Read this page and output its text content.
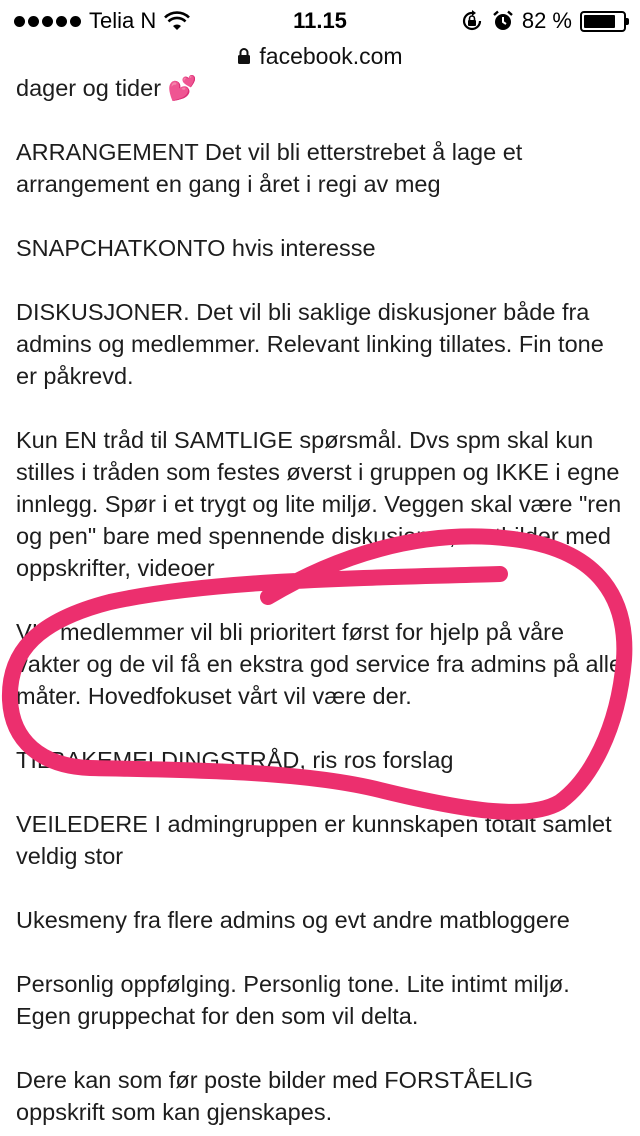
Telia N	11.15	82 %
facebook.com

dager og tider 💕

ARRANGEMENT Det vil bli etterstrebet å lage et arrangement en gang i året i regi av meg

SNAPCHATKONTO hvis interesse

DISKUSJONER. Det vil bli saklige diskusjoner både fra admins og medlemmer. Relevant linking tillates. Fin tone er påkrevd.

Kun EN tråd til SAMTLIGE spørsmål. Dvs spm skal kun stilles i tråden som festes øverst i gruppen og IKKE i egne innlegg. Spør i et trygt og lite miljø. Veggen skal være "ren og pen" bare med spennende diskusjoner, matbilder med oppskrifter, videoer

VIP medlemmer vil bli prioritert først for hjelp på våre vakter og de vil få en ekstra god service fra admins på alle måter. Hovedfokuset vårt vil være der.

TILBAKEMELDINGSTRÅD, ris ros forslag

VEILEDERE I admingruppen er kunnskapen totalt samlet veldig stor

Ukesmeny fra flere admins og evt andre matbloggere

Personlig oppfølging. Personlig tone. Lite intimt miljø. Egen gruppechat for den som vil delta.

Dere kan som før poste bilder med FORSTÅELIG oppskrift som kan gjenskapes.
